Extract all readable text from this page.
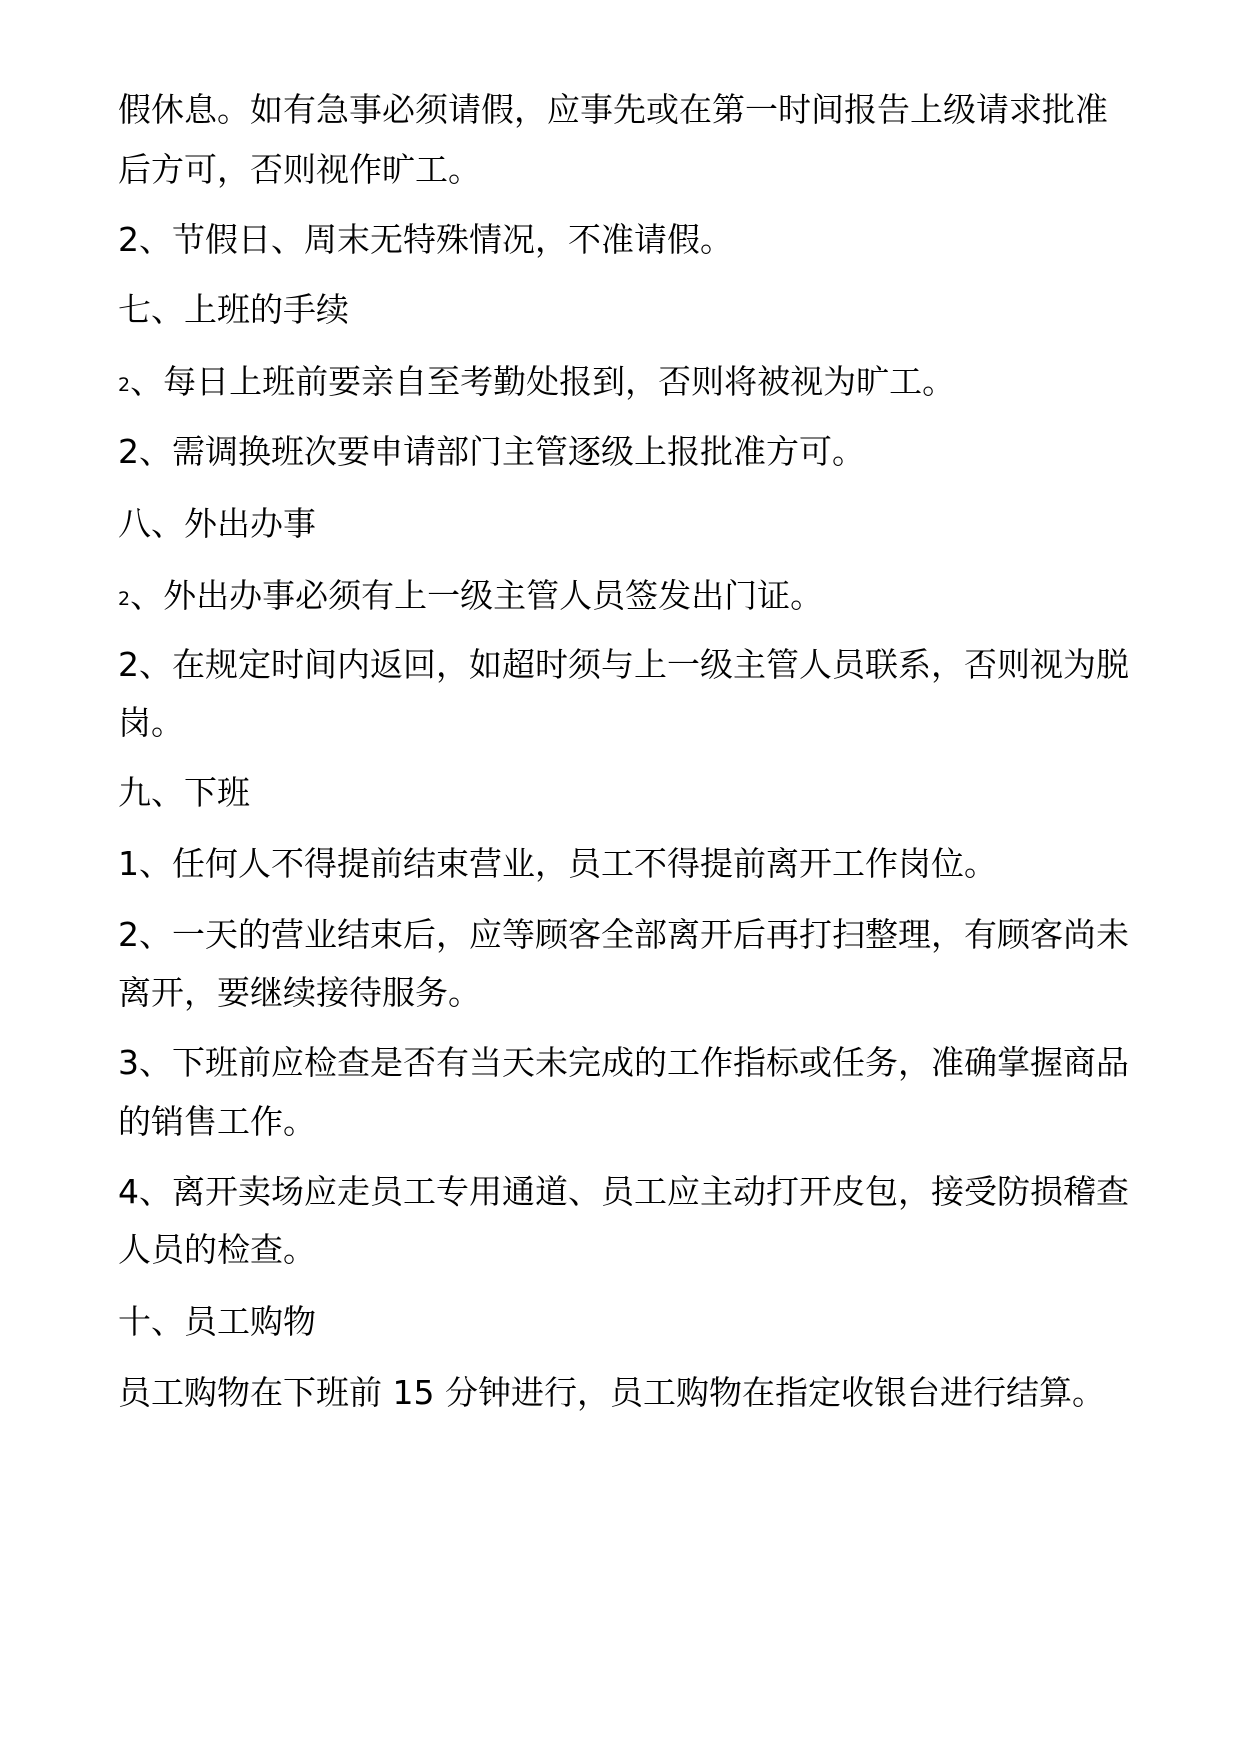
假休息。如有急事必须请假，应事先或在第一时间报告上级请求批准
后方可，否则视作旷工。
2、节假日、周末无特殊情况，不准请假。
七、上班的手续
2、每日上班前要亲自至考勤处报到，否则将被视为旷工。
2、需调换班次要申请部门主管逐级上报批准方可。
八、外出办事
2、外出办事必须有上一级主管人员签发出门证。
2、在规定时间内返回，如超时须与上一级主管人员联系，否则视为脱
岗。
九、下班
1、任何人不得提前结束营业，员工不得提前离开工作岗位。
2、一天的营业结束后，应等顾客全部离开后再打扫整理，有顾客尚未
离开，要继续接待服务。
3、下班前应检查是否有当天未完成的工作指标或任务，准确掌握商品
的销售工作。
4、离开卖场应走员工专用通道、员工应主动打开皮包，接受防损稽查
人员的检查。
十、员工购物
员工购物在下班前 15 分钟进行，员工购物在指定收银台进行结算。
